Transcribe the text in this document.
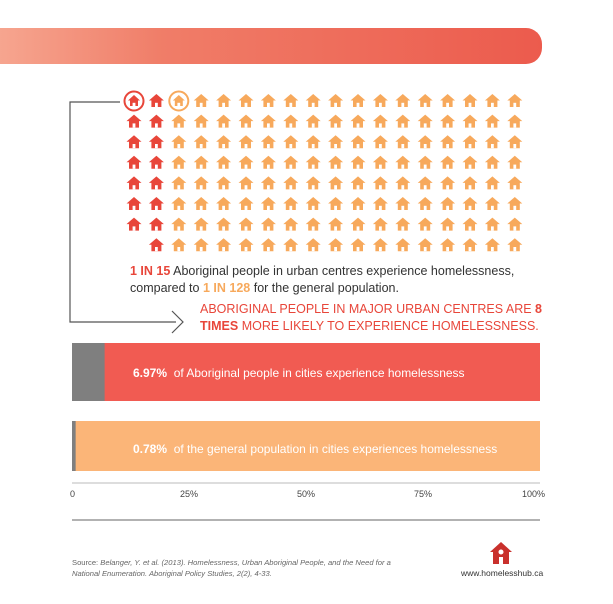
URBAN ABORIGINAL HOMELESSNESS IN CANADA
1 IN 15 Aboriginal people in urban centres experience homelessness,
compared to 1 IN 128 for the general population.
ABORIGINAL PEOPLE IN MAJOR URBAN CENTRES ARE 8 TIMES MORE LIKELY TO EXPERIENCE HOMELESSNESS.
6.97% of Aboriginal people in cities experience homelessness
0.78% of the general population in cities experiences homelessness
0	25%	50%	75%	100%
Source: Belanger, Y. et al. (2013). Homelessness, Urban Aboriginal People, and the Need for a National Enumeration. Aboriginal Policy Studies, 2(2), 4-33.	www.homelesshub.ca
